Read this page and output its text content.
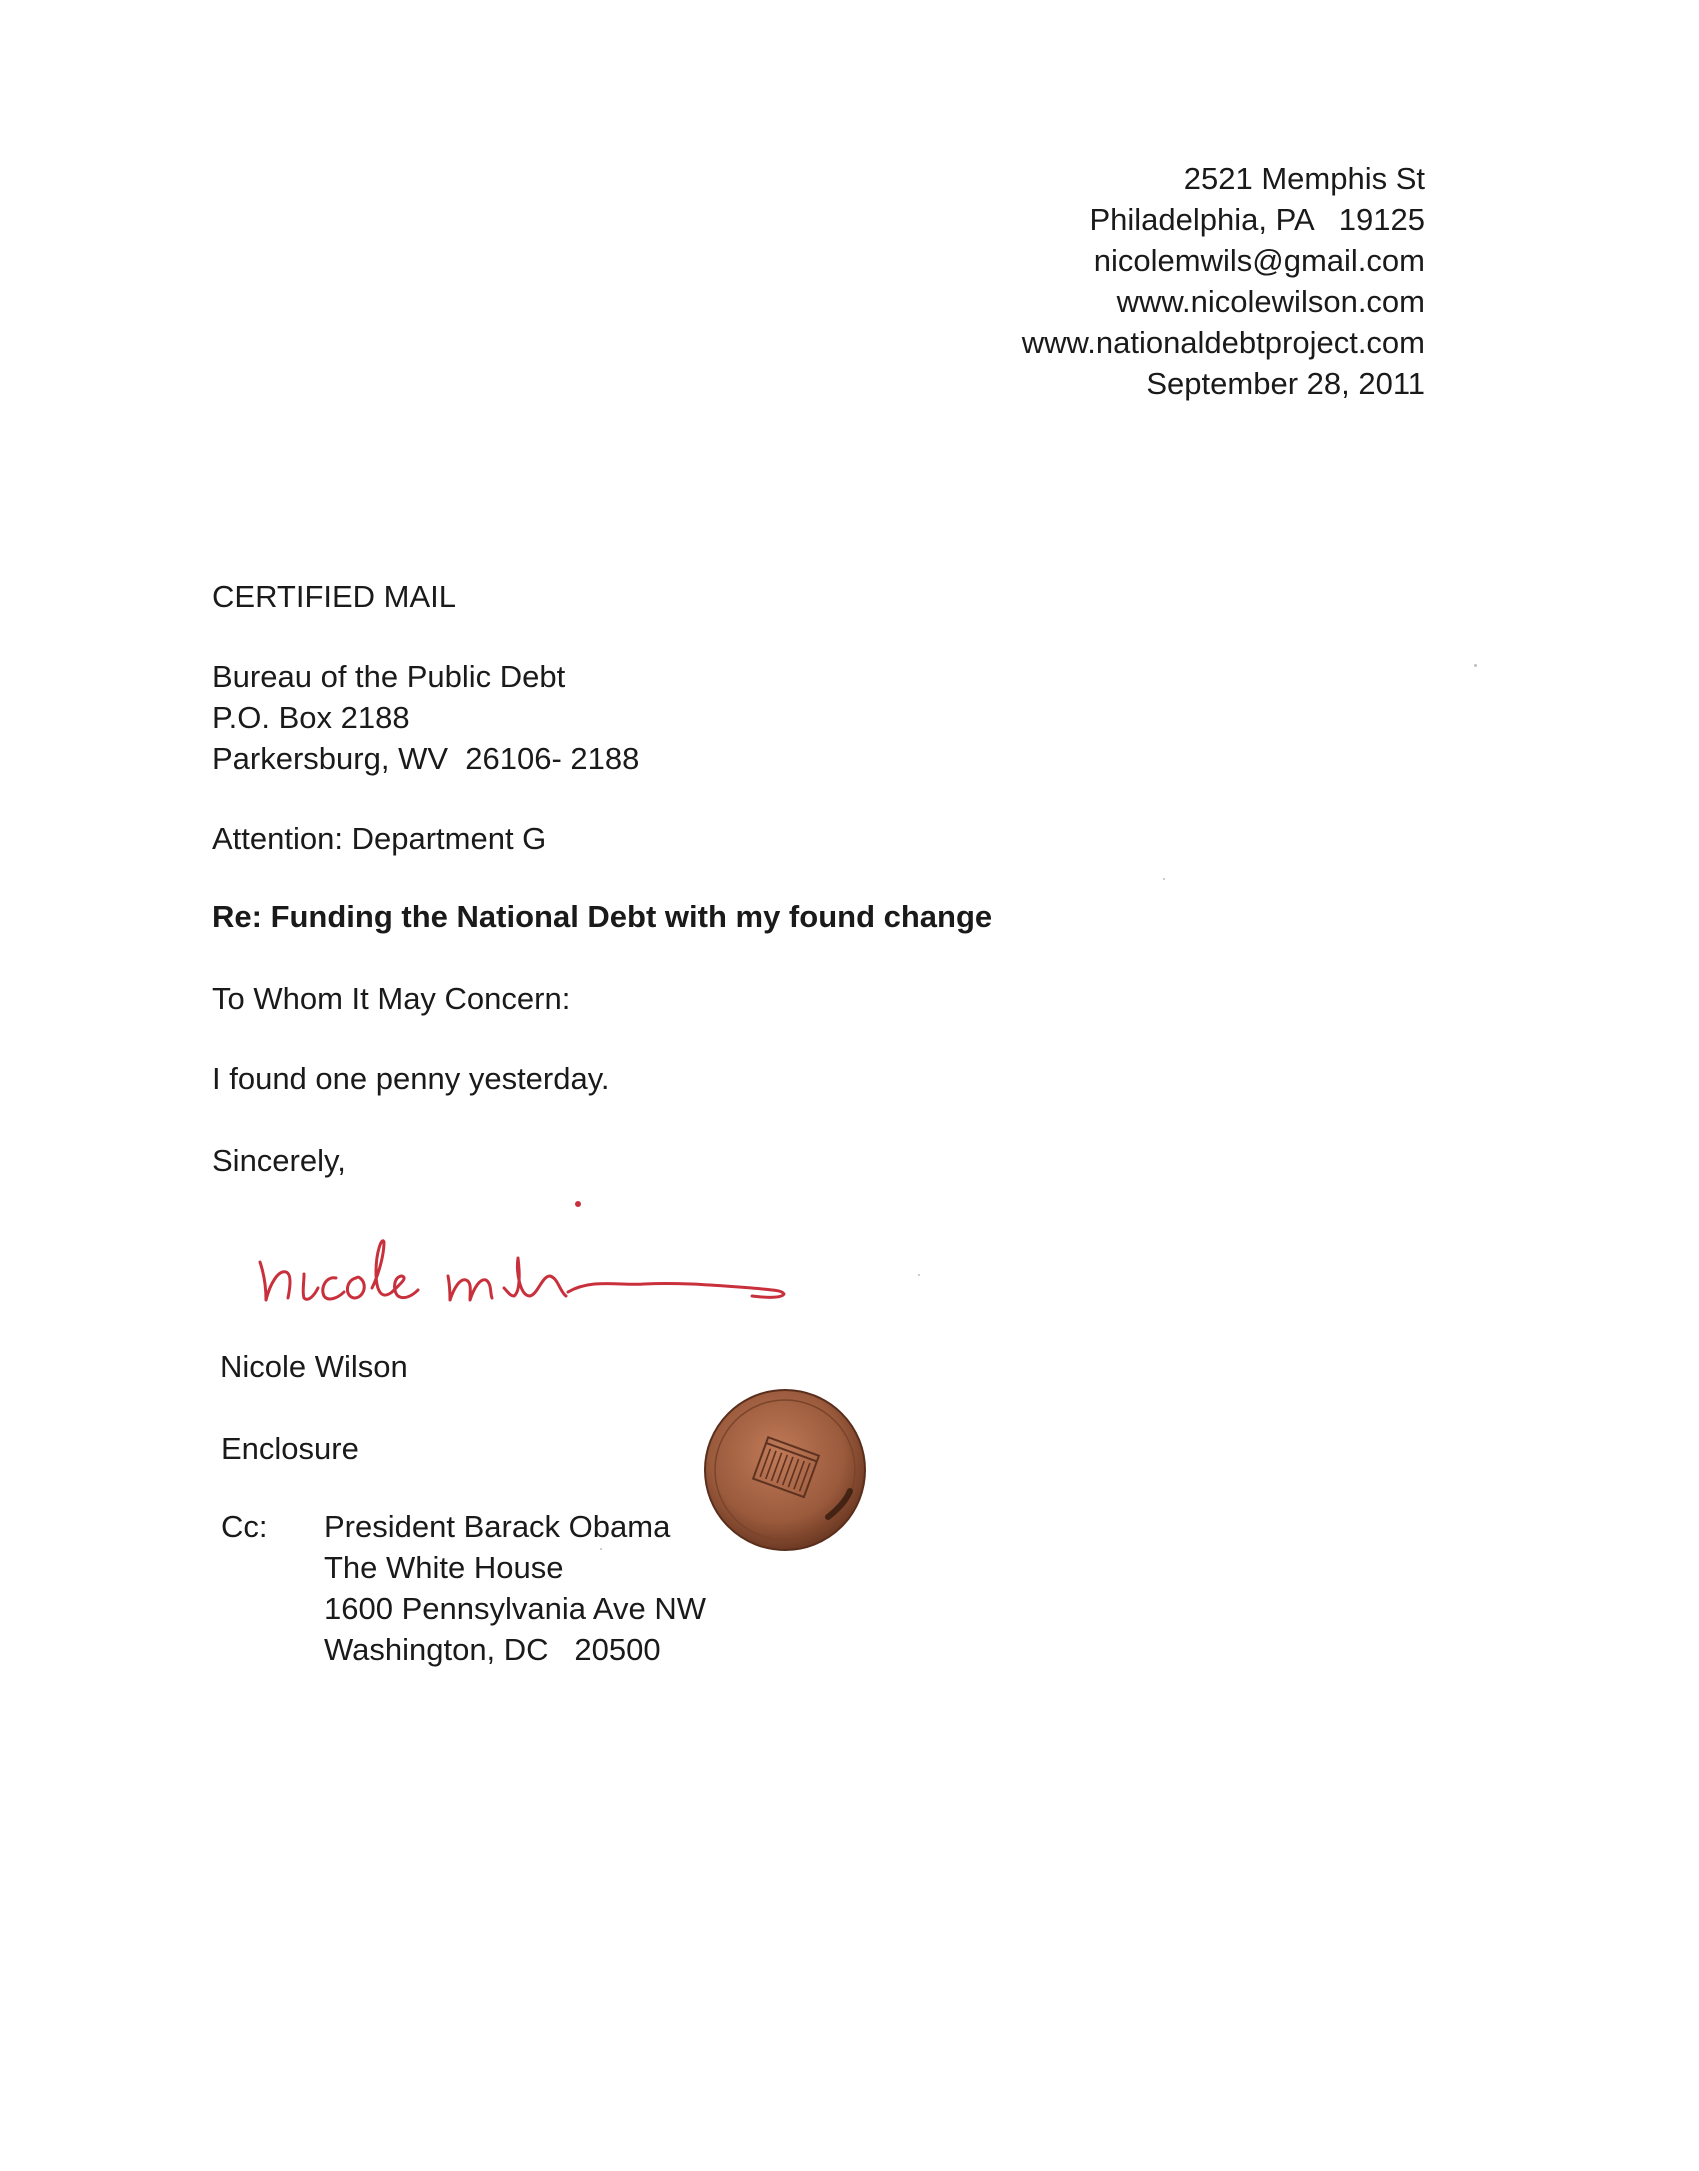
2521 Memphis St
Philadelphia, PA   19125
nicolemwils@gmail.com
www.nicolewilson.com
www.nationaldebtproject.com
September 28, 2011
CERTIFIED MAIL
Bureau of the Public Debt
P.O. Box 2188
Parkersburg, WV  26106- 2188
Attention: Department G
Re: Funding the National Debt with my found change
To Whom It May Concern:
I found one penny yesterday.
Sincerely,
Nicole Wilson
Enclosure
Cc: President Barack Obama
The White House
1600 Pennsylvania Ave NW
Washington, DC   20500
